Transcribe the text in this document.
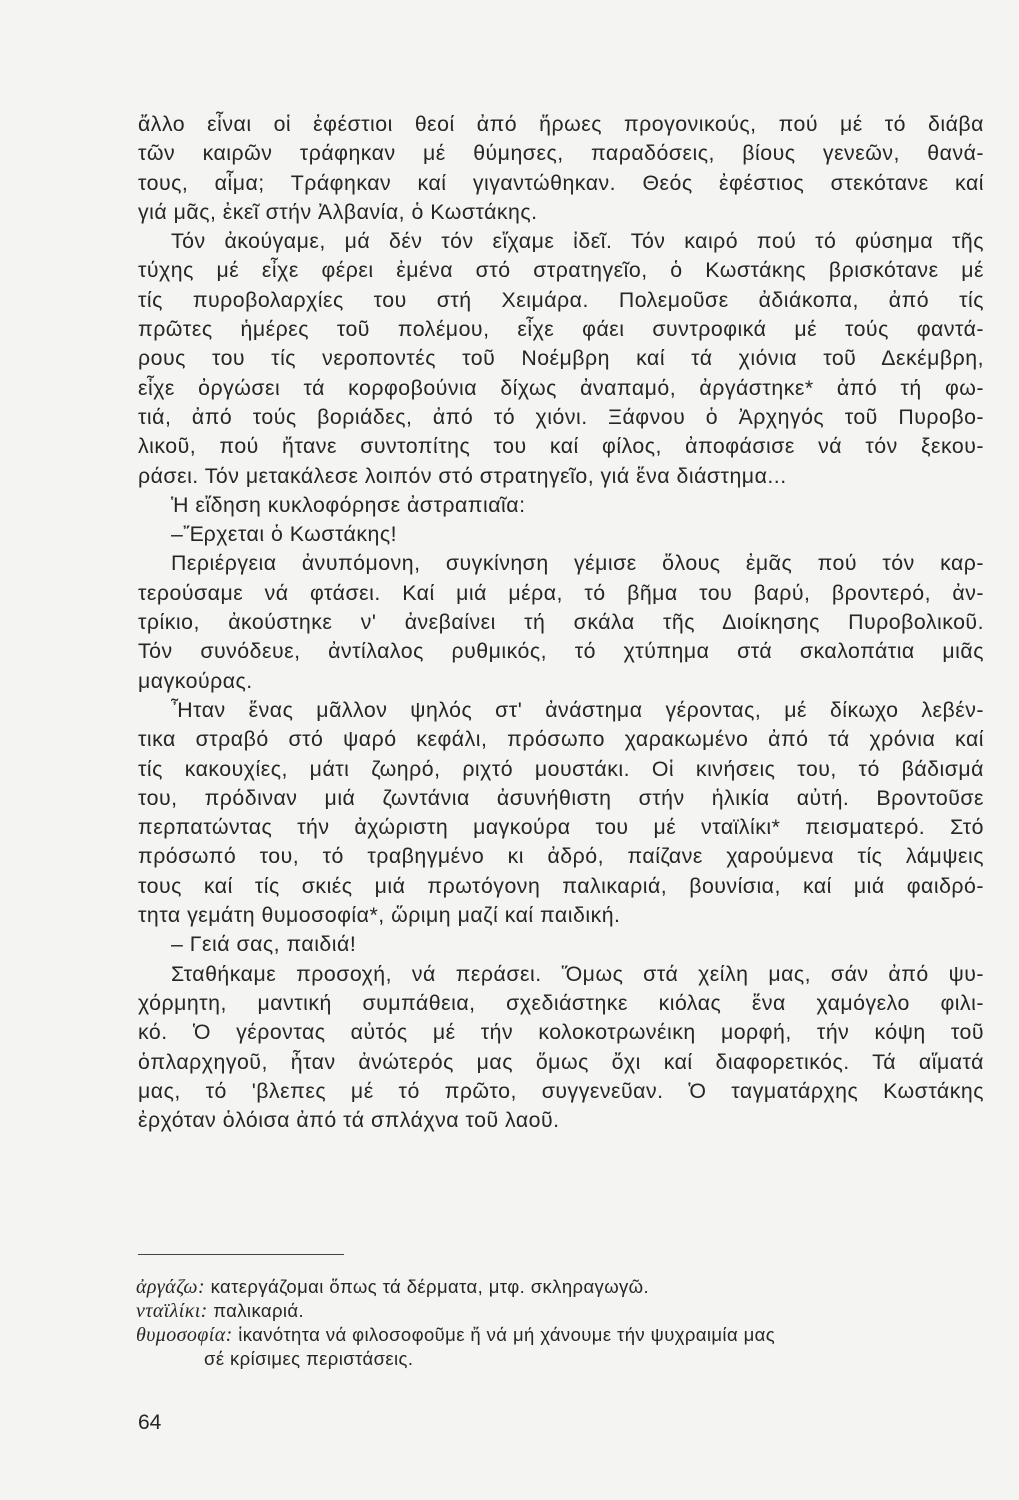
ἄλλο εἶναι οἱ ἐφέστιοι θεοί ἀπό ἥρωες προγονικούς, πού μέ τό διάβα
τῶν καιρῶν τράφηκαν μέ θύμησες, παραδόσεις, βίους γενεῶν, θανά-
τους, αἷμα; Τράφηκαν καί γιγαντώθηκαν. Θεός ἐφέστιος στεκότανε καί
γιά μᾶς, ἐκεῖ στήν Ἀλβανία, ὁ Κωστάκης.
Τόν ἀκούγαμε, μά δέν τόν εἴχαμε ἰδεῖ. Τόν καιρό πού τό φύσημα τῆς
τύχης μέ εἶχε φέρει ἐμένα στό στρατηγεῖο, ὁ Κωστάκης βρισκότανε μέ
τίς πυροβολαρχίες του στή Χειμάρα. Πολεμοῦσε ἀδιάκοπα, ἀπό τίς
πρῶτες ἡμέρες τοῦ πολέμου, εἶχε φάει συντροφικά μέ τούς φαντά-
ρους του τίς νεροποντές τοῦ Νοέμβρη καί τά χιόνια τοῦ Δεκέμβρη,
εἶχε ὀργώσει τά κορφοβούνια δίχως ἀναπαμό, ἀργάστηκε* ἀπό τή φω-
τιά, ἀπό τούς βοριάδες, ἀπό τό χιόνι. Ξάφνου ὁ Ἀρχηγός τοῦ Πυροβο-
λικοῦ, πού ἤτανε συντοπίτης του καί φίλος, ἀποφάσισε νά τόν ξεκου-
ράσει. Τόν μετακάλεσε λοιπόν στό στρατηγεῖο, γιά ἕνα διάστημα...
Ἡ εἴδηση κυκλοφόρησε ἀστραπιαῖα:
–Ἔρχεται ὁ Κωστάκης!
Περιέργεια ἀνυπόμονη, συγκίνηση γέμισε ὅλους ἐμᾶς πού τόν καρ-
τερούσαμε νά φτάσει. Καί μιά μέρα, τό βῆμα του βαρύ, βροντερό, ἀν-
τρίκιο, ἀκούστηκε ν' ἀνεβαίνει τή σκάλα τῆς Διοίκησης Πυροβολικοῦ.
Τόν συνόδευε, ἀντίλαλος ρυθμικός, τό χτύπημα στά σκαλοπάτια μιᾶς
μαγκούρας.
Ἦταν ἕνας μᾶλλον ψηλός στ' ἀνάστημα γέροντας, μέ δίκωχο λεβέν-
τικα στραβό στό ψαρό κεφάλι, πρόσωπο χαρακωμένο ἀπό τά χρόνια καί
τίς κακουχίες, μάτι ζωηρό, ριχτό μουστάκι. Οἱ κινήσεις του, τό βάδισμά
του, πρόδιναν μιά ζωντάνια ἀσυνήθιστη στήν ἡλικία αὐτή. Βροντοῦσε
περπατώντας τήν ἀχώριστη μαγκούρα του μέ νταϊλίκι* πεισματερό. Στό
πρόσωπό του, τό τραβηγμένο κι ἀδρό, παίζανε χαρούμενα τίς λάμψεις
τους καί τίς σκιές μιά πρωτόγονη παλικαριά, βουνίσια, καί μιά φαιδρό-
τητα γεμάτη θυμοσοφία*, ὥριμη μαζί καί παιδική.
– Γειά σας, παιδιά!
Σταθήκαμε προσοχή, νά περάσει. Ὅμως στά χείλη μας, σάν ἀπό ψυ-
χόρμητη, μαντική συμπάθεια, σχεδιάστηκε κιόλας ἕνα χαμόγελο φιλι-
κό. Ὁ γέροντας αὐτός μέ τήν κολοκοτρωνέικη μορφή, τήν κόψη τοῦ
ὁπλαρχηγοῦ, ἦταν ἀνώτερός μας ὅμως ὄχι καί διαφορετικός. Τά αἵματά
μας, τό 'βλεπες μέ τό πρῶτο, συγγενεῦαν. Ὁ ταγματάρχης Κωστάκης
ἐρχόταν ὁλόισα ἀπό τά σπλάχνα τοῦ λαοῦ.
ἀργάζω: κατεργάζομαι ὅπως τά δέρματα, μτφ. σκληραγωγῶ.
νταϊλίκι: παλικαριά.
θυμοσοφία: ἱκανότητα νά φιλοσοφοῦμε ἤ νά μή χάνουμε τήν ψυχραιμία μας
σέ κρίσιμες περιστάσεις.
64
